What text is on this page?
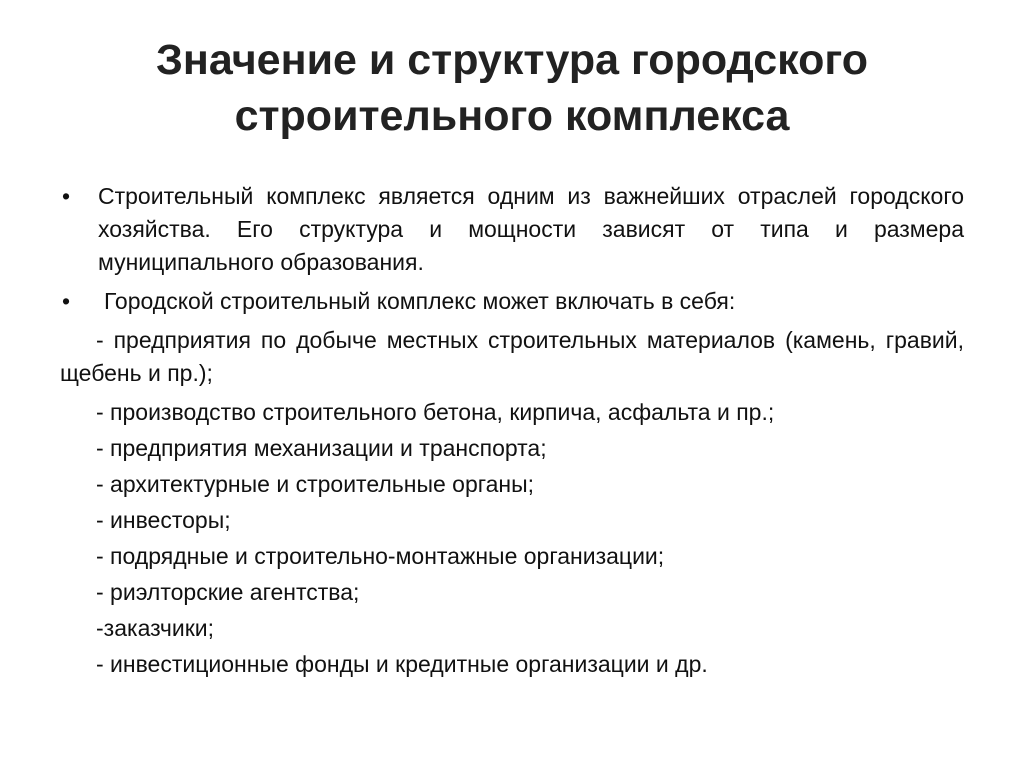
Значение и структура городского
строительного комплекса
•	Строительный комплекс является одним из важнейших отраслей городского хозяйства. Его структура и мощности зависят от типа и размера муниципального образования.
•	Городской строительный комплекс может включать в себя:

- предприятия по добыче местных строительных материалов (камень, гравий, щебень и пр.);

- производство строительного бетона, кирпича, асфальта и пр.;

- предприятия механизации и транспорта;

- архитектурные и строительные органы;

- инвесторы;

- подрядные и строительно-монтажные организации;

- риэлторские агентства;

-заказчики;

- инвестиционные фонды и кредитные организации и др.
